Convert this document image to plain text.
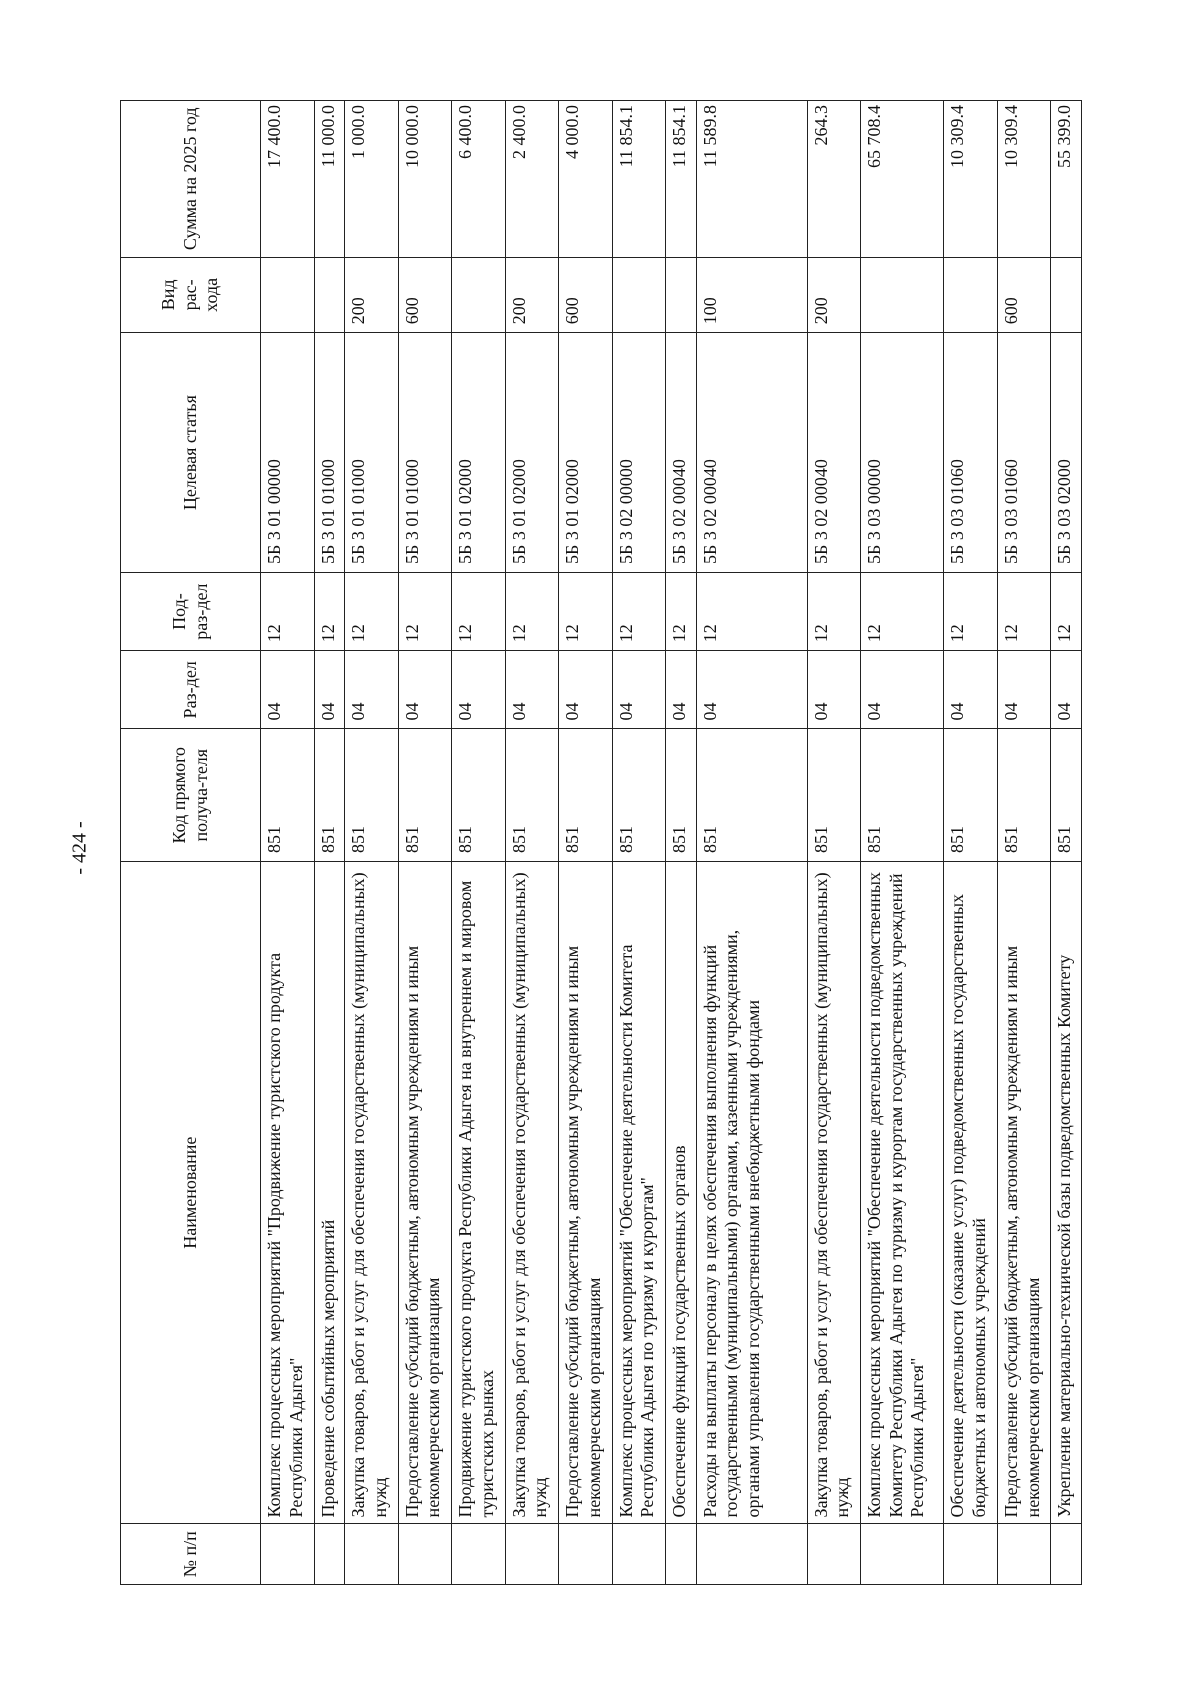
- 424 -
№ п/п	Наименование	Код прямого получа-теля	Раз-дел	Под-раз-дел	Целевая статья	Вид рас-хода	Сумма на 2025 год
	Комплекс процессных мероприятий "Продвижение туристского продукта Республики Адыгея"	851	04	12	5Б 3 01 00000		17 400.0
	Проведение событийных мероприятий	851	04	12	5Б 3 01 01000		11 000.0
	Закупка товаров, работ и услуг для обеспечения государственных (муниципальных) нужд	851	04	12	5Б 3 01 01000	200	1 000.0
	Предоставление субсидий бюджетным, автономным учреждениям и иным некоммерческим организациям	851	04	12	5Б 3 01 01000	600	10 000.0
	Продвижение туристского продукта Республики Адыгея на внутреннем и мировом туристских рынках	851	04	12	5Б 3 01 02000		6 400.0
	Закупка товаров, работ и услуг для обеспечения государственных (муниципальных) нужд	851	04	12	5Б 3 01 02000	200	2 400.0
	Предоставление субсидий бюджетным, автономным учреждениям и иным некоммерческим организациям	851	04	12	5Б 3 01 02000	600	4 000.0
	Комплекс процессных мероприятий "Обеспечение деятельности Комитета Республики Адыгея по туризму и курортам"	851	04	12	5Б 3 02 00000		11 854.1
	Обеспечение функций государственных органов	851	04	12	5Б 3 02 00040		11 854.1
	Расходы на выплаты персоналу в целях обеспечения выполнения функций государственными (муниципальными) органами, казенными учреждениями, органами управления государственными внебюджетными фондами	851	04	12	5Б 3 02 00040	100	11 589.8
	Закупка товаров, работ и услуг для обеспечения государственных (муниципальных) нужд	851	04	12	5Б 3 02 00040	200	264.3
	Комплекс процессных мероприятий "Обеспечение деятельности подведомственных Комитету Республики Адыгея по туризму и курортам государственных учреждений Республики Адыгея"	851	04	12	5Б 3 03 00000		65 708.4
	Обеспечение деятельности (оказание услуг) подведомственных государственных бюджетных и автономных учреждений	851	04	12	5Б 3 03 01060		10 309.4
	Предоставление субсидий бюджетным, автономным учреждениям и иным некоммерческим организациям	851	04	12	5Б 3 03 01060	600	10 309.4
	Укрепление материально-технической базы подведомственных Комитету	851	04	12	5Б 3 03 02000		55 399.0
